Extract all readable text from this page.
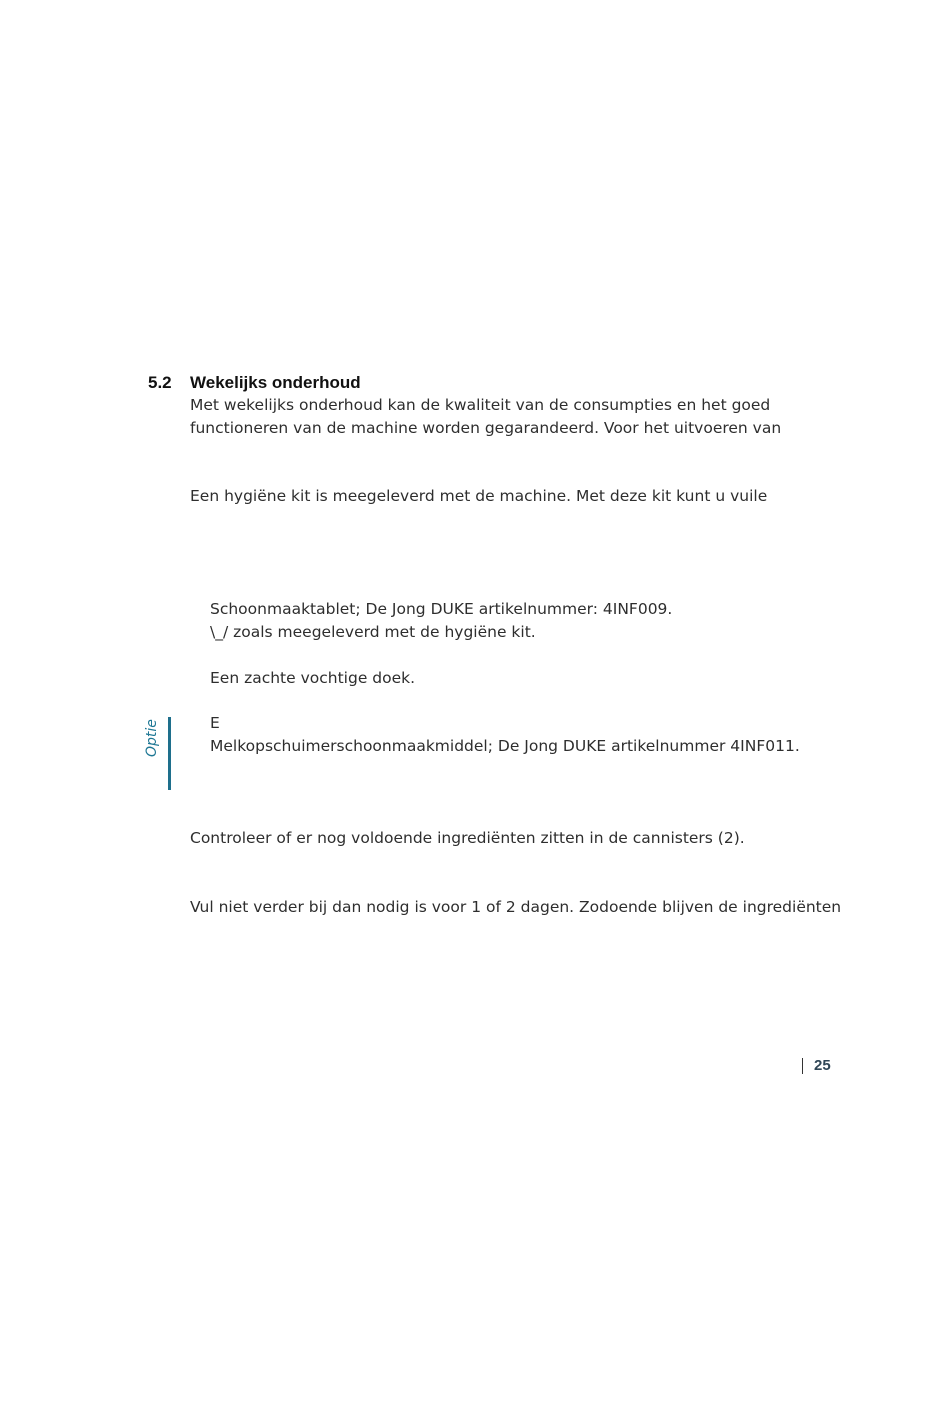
5.2 Wekelijks onderhoud
Met wekelijks onderhoud kan de kwaliteit van de consumpties en het goed
functioneren van de machine worden gegarandeerd. Voor het uitvoeren van
Een hygiëne kit is meegeleverd met de machine. Met deze kit kunt u vuile
Schoonmaaktablet; De Jong DUKE artikelnummer: 4INF009.
\_/ zoals meegeleverd met de hygiëne kit.
Een zachte vochtige doek.
Optie	E
Melkopschuimerschoonmaakmiddel; De Jong DUKE artikelnummer 4INF011.
Controleer of er nog voldoende ingrediënten zitten in de cannisters (2).
Vul niet verder bij dan nodig is voor 1 of 2 dagen. Zodoende blijven de ingrediënten
25
